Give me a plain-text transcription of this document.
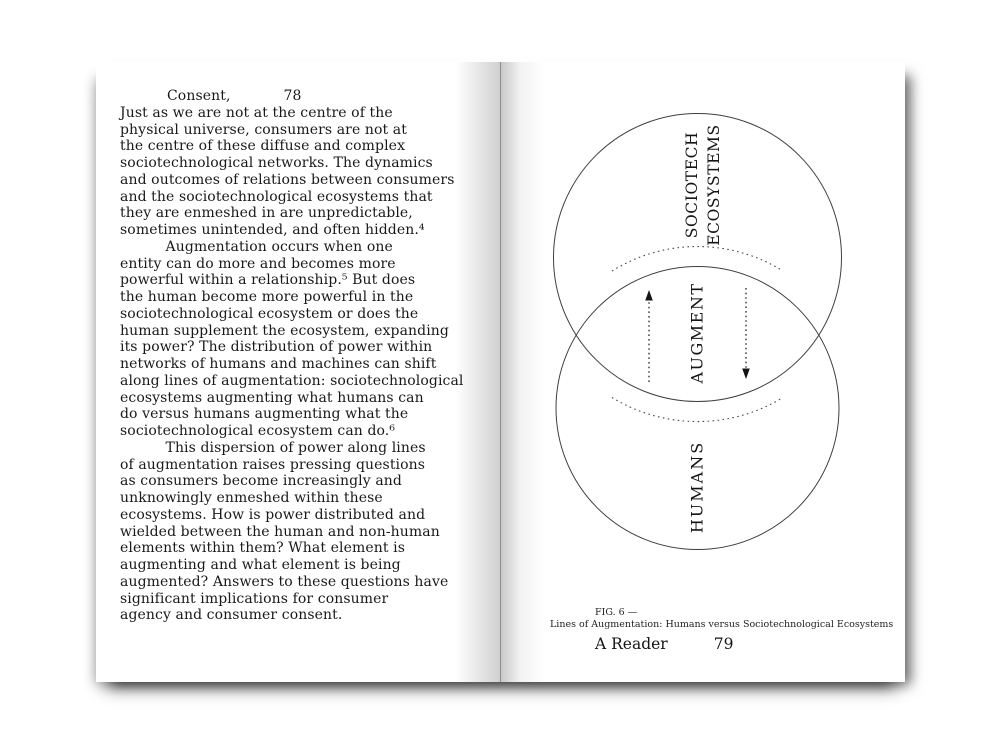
Consent,	78
Just as we are not at the centre of the
physical universe, consumers are not at
the centre of these diffuse and complex
sociotechnological networks. The dynamics
and outcomes of relations between consumers
and the sociotechnological ecosystems that
they are enmeshed in are unpredictable,
sometimes unintended, and often hidden.⁴
Augmentation occurs when one
entity can do more and becomes more
powerful within a relationship.⁵ But does
the human become more powerful in the
sociotechnological ecosystem or does the
human supplement the ecosystem, expanding
its power? The distribution of power within
networks of humans and machines can shift
along lines of augmentation: sociotechnological
ecosystems augmenting what humans can
do versus humans augmenting what the
sociotechnological ecosystem can do.⁶
This dispersion of power along lines
of augmentation raises pressing questions
as consumers become increasingly and
unknowingly enmeshed within these
ecosystems. How is power distributed and
wielded between the human and non-human
elements within them? What element is
augmenting and what element is being
augmented? Answers to these questions have
significant implications for consumer
agency and consumer consent.
SOCIOTECH ECOSYSTEMS
AUGMENT
HUMANS
FIG. 6 —
Lines of Augmentation: Humans versus Sociotechnological Ecosystems
A Reader	79
